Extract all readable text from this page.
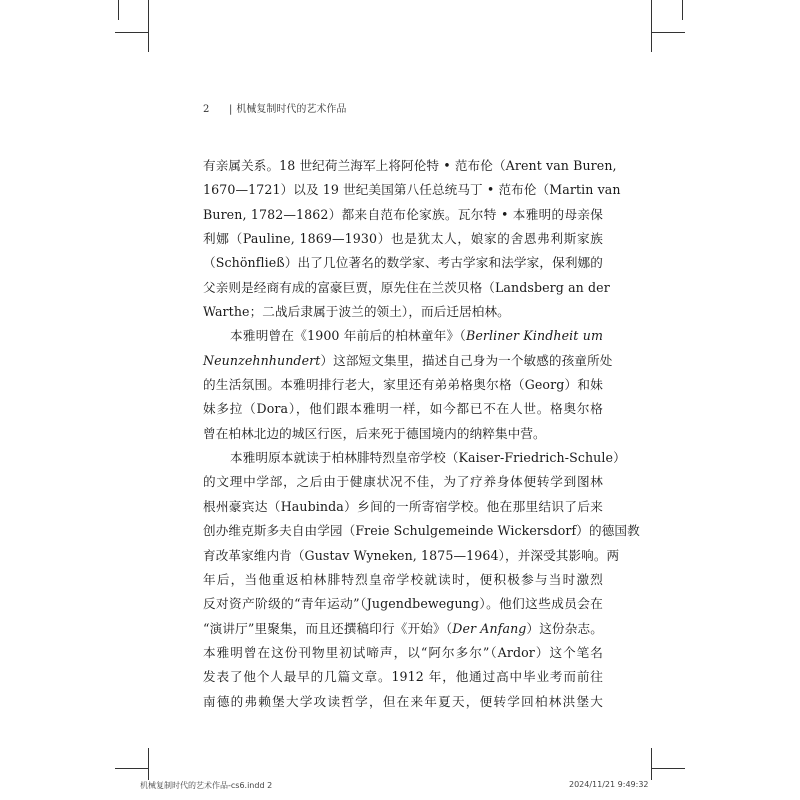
2 | 机械复制时代的艺术作品
有亲属关系。18 世纪荷兰海军上将阿伦特 • 范布伦（Arent van Buren,
1670—1721）以及 19 世纪美国第八任总统马丁 • 范布伦（Martin van
Buren, 1782—1862）都来自范布伦家族。瓦尔特 • 本雅明的母亲保
利娜（Pauline, 1869—1930）也是犹太人，娘家的舍恩弗利斯家族
（Schönfließ）出了几位著名的数学家、考古学家和法学家，保利娜的
父亲则是经商有成的富豪巨贾，原先住在兰茨贝格（Landsberg an der
Warthe；二战后隶属于波兰的领土），而后迁居柏林。
本雅明曾在《1900 年前后的柏林童年》（Berliner Kindheit um
Neunzehnhundert）这部短文集里，描述自己身为一个敏感的孩童所处
的生活氛围。本雅明排行老大，家里还有弟弟格奥尔格（Georg）和妹
妹多拉（Dora），他们跟本雅明一样，如今都已不在人世。格奥尔格
曾在柏林北边的城区行医，后来死于德国境内的纳粹集中营。
本雅明原本就读于柏林腓特烈皇帝学校（Kaiser-Friedrich-Schule）
的文理中学部，之后由于健康状况不佳，为了疗养身体便转学到图林
根州豪宾达（Haubinda）乡间的一所寄宿学校。他在那里结识了后来
创办维克斯多夫自由学园（Freie Schulgemeinde Wickersdorf）的德国教
育改革家维内肯（Gustav Wyneken, 1875—1964），并深受其影响。两
年后，当他重返柏林腓特烈皇帝学校就读时，便积极参与当时激烈
反对资产阶级的“青年运动”（Jugendbewegung）。他们这些成员会在
“演讲厅”里聚集，而且还撰稿印行《开始》（Der Anfang）这份杂志。
本雅明曾在这份刊物里初试啼声，以“阿尔多尔”（Ardor）这个笔名
发表了他个人最早的几篇文章。1912 年，他通过高中毕业考而前往
南德的弗赖堡大学攻读哲学，但在来年夏天，便转学回柏林洪堡大
机械复制时代的艺术作品-cs6.indd 2	2024/11/21 9:49:32
